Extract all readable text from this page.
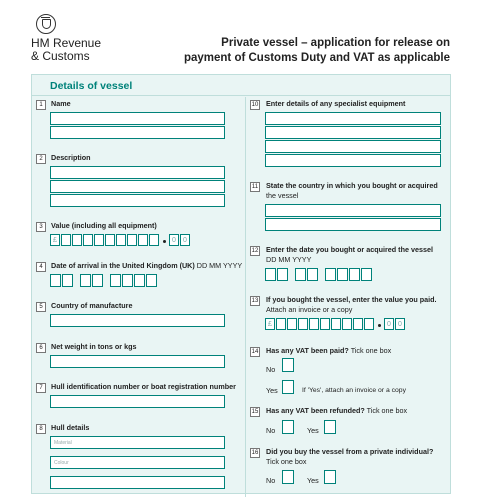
HM Revenue
& Customs
Private vessel – application for release on
payment of Customs Duty and VAT as applicable
Details of vessel
1	Name
2	Description
3	Value (including all equipment)
£	0	0
4	Date of arrival in the United Kingdom (UK) DD MM YYYY
5	Country of manufacture
6	Net weight in tons or kgs
7	Hull identification number or boat registration number
8	Hull details
Material
Colour
10 Enter details of any specialist equipment
11 State the country in which you bought or acquired
the vessel
12 Enter the date you bought or acquired the vessel
DD MM YYYY
13 If you bought the vessel, enter the value you paid.
Attach an invoice or a copy
£	0	0
14 Has any VAT been paid? Tick one box
No
Yes	If 'Yes', attach an invoice or a copy
15 Has any VAT been refunded? Tick one box
No	Yes
16 Did you buy the vessel from a private individual?
Tick one box
No	Yes
